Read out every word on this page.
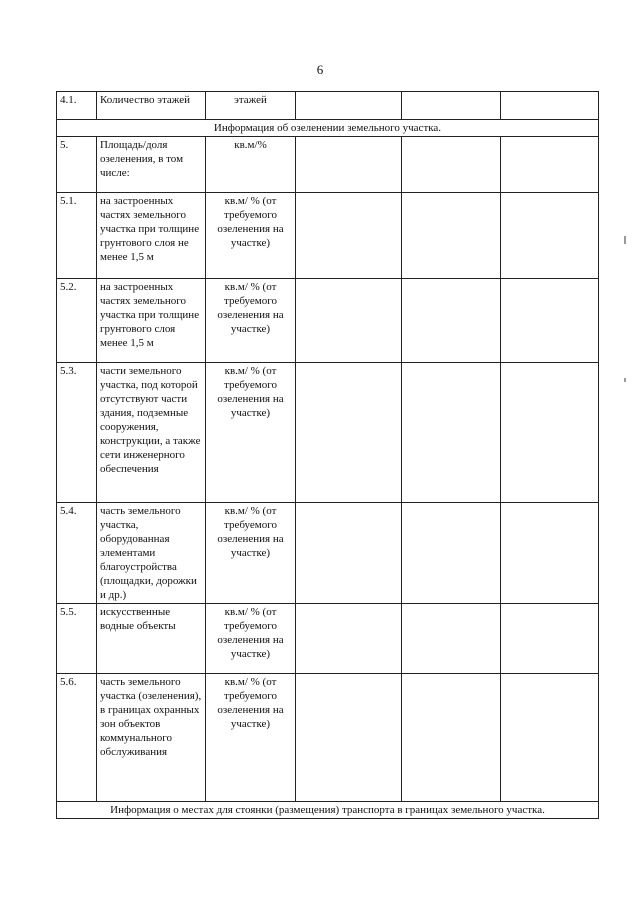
6
4.1.	Количество этажей	этажей			
Информация об озеленении земельного участка.					
5.	Площадь/доля озеленения, в том числе:	кв.м/%			
5.1.	на застроенных частях земельного участка при толщине грунтового слоя не менее 1,5 м	кв.м/ % (от требуемого озеленения на участке)			
5.2.	на застроенных частях земельного участка при толщине грунтового слоя менее 1,5 м	кв.м/ % (от требуемого озеленения на участке)			
5.3.	части земельного участка, под которой отсутствуют части здания, подземные сооружения, конструкции, а также сети инженерного обеспечения	кв.м/ % (от требуемого озеленения на участке)			
5.4.	часть земельного участка, оборудованная элементами благоустройства (площадки, дорожки и др.)	кв.м/ % (от требуемого озеленения на участке)			
5.5.	искусственные водные объекты	кв.м/ % (от требуемого озеленения на участке)			
5.6.	часть земельного участка (озеленения), в границах охранных зон объектов коммунального обслуживания	кв.м/ % (от требуемого озеленения на участке)			
Информация о местах для стоянки (размещения) транспорта в границах земельного участка.					
